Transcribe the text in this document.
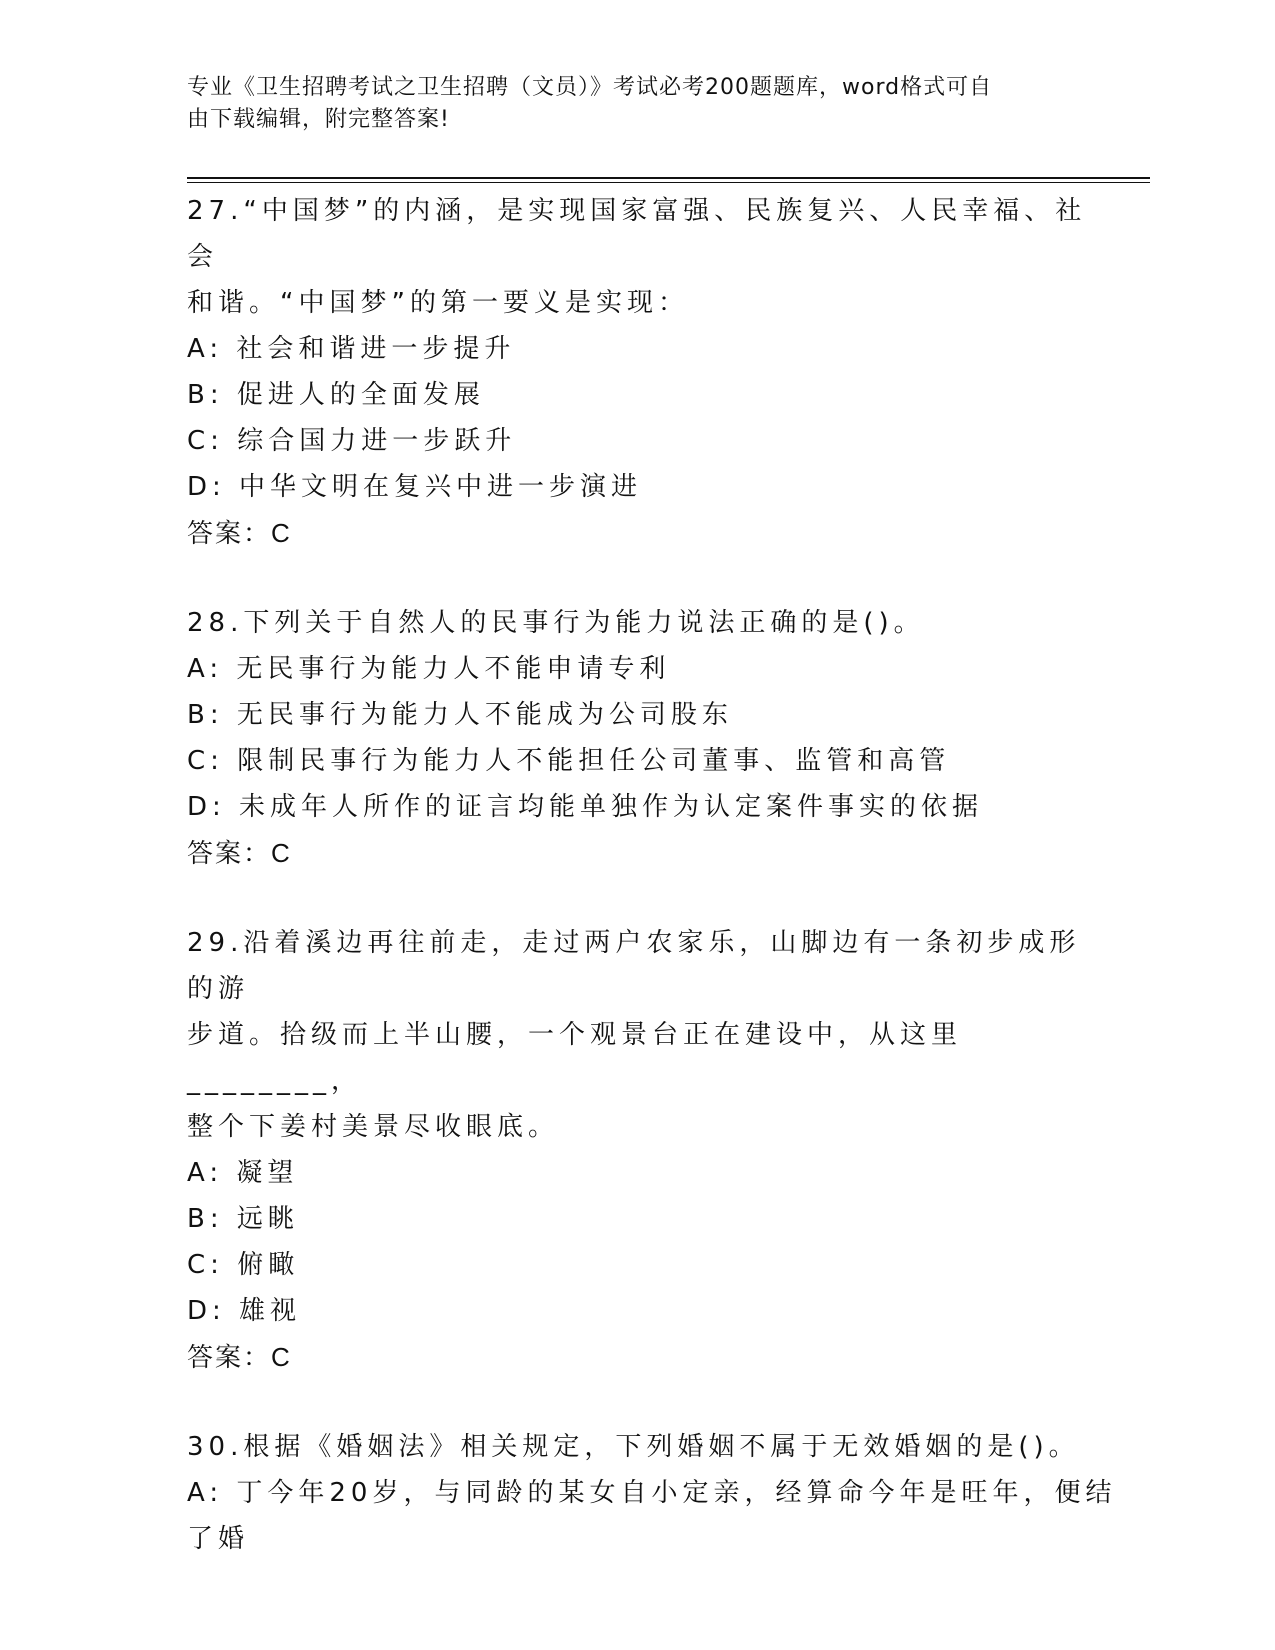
专业《卫生招聘考试之卫生招聘（文员）》考试必考200题题库，word格式可自
由下载编辑，附完整答案!
27.“中国梦”的内涵，是实现国家富强、民族复兴、人民幸福、社会
和谐。“中国梦”的第一要义是实现：
A: 社会和谐进一步提升
B: 促进人的全面发展
C: 综合国力进一步跃升
D: 中华文明在复兴中进一步演进
答案：C
28.下列关于自然人的民事行为能力说法正确的是()。
A: 无民事行为能力人不能申请专利
B: 无民事行为能力人不能成为公司股东
C: 限制民事行为能力人不能担任公司董事、监管和高管
D: 未成年人所作的证言均能单独作为认定案件事实的依据
答案：C
29.沿着溪边再往前走，走过两户农家乐，山脚边有一条初步成形的游
步道。拾级而上半山腰，一个观景台正在建设中，从这里________，
整个下姜村美景尽收眼底。
A: 凝望
B: 远眺
C: 俯瞰
D: 雄视
答案：C
30.根据《婚姻法》相关规定，下列婚姻不属于无效婚姻的是()。
A: 丁今年20岁，与同龄的某女自小定亲，经算命今年是旺年，便结
了婚
